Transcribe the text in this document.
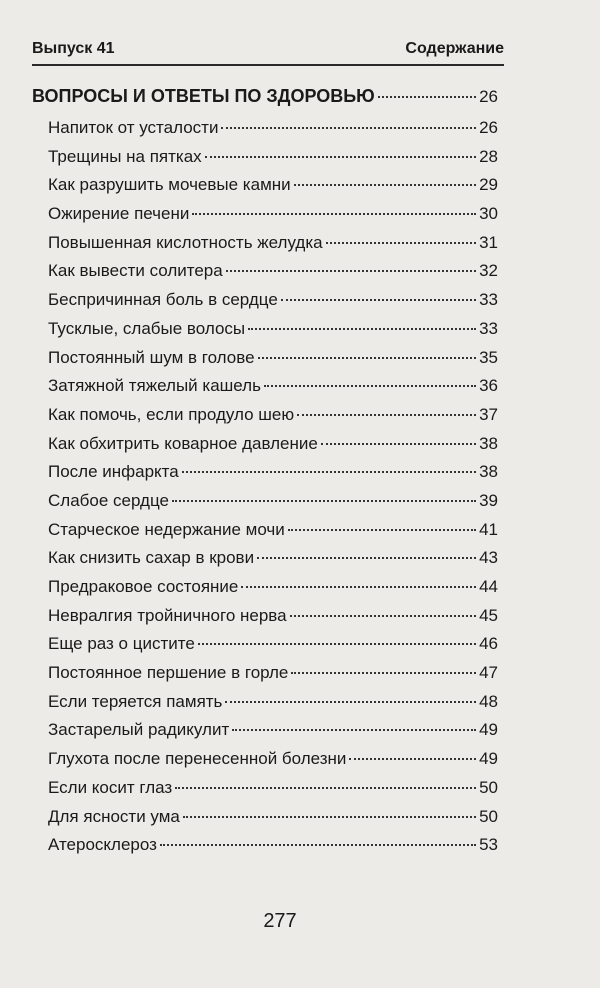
Выпуск 41	Содержание
ВОПРОСЫ И ОТВЕТЫ ПО ЗДОРОВЬЮ	26
Напиток от усталости	26
Трещины на пятках	28
Как разрушить мочевые камни	29
Ожирение печени	30
Повышенная кислотность желудка	31
Как вывести солитера	32
Беспричинная боль в сердце	33
Тусклые, слабые волосы	33
Постоянный шум в голове	35
Затяжной тяжелый кашель	36
Как помочь, если продуло шею	37
Как обхитрить коварное давление	38
После инфаркта	38
Слабое сердце	39
Старческое недержание мочи	41
Как снизить сахар в крови	43
Предраковое состояние	44
Невралгия тройничного нерва	45
Еще раз о цистите	46
Постоянное першение в горле	47
Если теряется память	48
Застарелый радикулит	49
Глухота после перенесенной болезни	49
Если косит глаз	50
Для ясности ума	50
Атеросклероз	53
277
